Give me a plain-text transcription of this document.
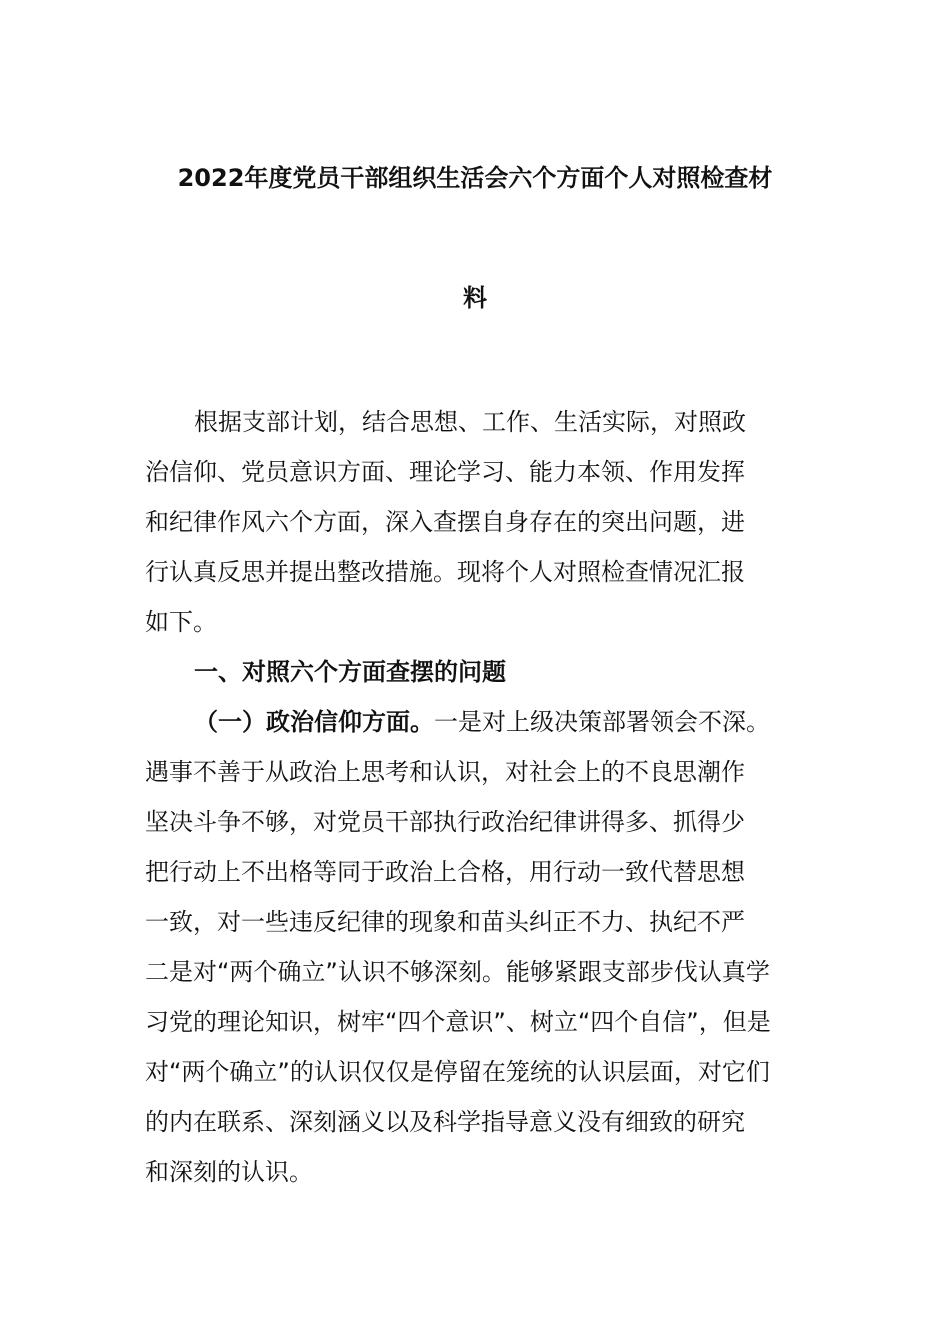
2022年度党员干部组织生活会六个方面个人对照检查材
料
根据支部计划，结合思想、工作、生活实际，对照政
治信仰、党员意识方面、理论学习、能力本领、作用发挥
和纪律作风六个方面，深入查摆自身存在的突出问题，进
行认真反思并提出整改措施。现将个人对照检查情况汇报
如下。
一、对照六个方面查摆的问题
（一）政治信仰方面。一是对上级决策部署领会不深。
遇事不善于从政治上思考和认识，对社会上的不良思潮作
坚决斗争不够，对党员干部执行政治纪律讲得多、抓得少
把行动上不出格等同于政治上合格，用行动一致代替思想
一致，对一些违反纪律的现象和苗头纠正不力、执纪不严
二是对“两个确立”认识不够深刻。能够紧跟支部步伐认真学
习党的理论知识，树牢“四个意识”、树立“四个自信”，但是
对“两个确立”的认识仅仅是停留在笼统的认识层面，对它们
的内在联系、深刻涵义以及科学指导意义没有细致的研究
和深刻的认识。
